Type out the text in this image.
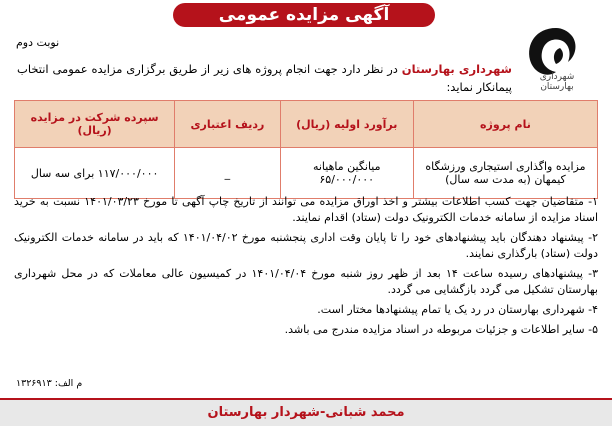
آگهی مزایده عمومی
نوبت دوم
شهرداری بهارستان
شهرداری بهارستان در نظر دارد جهت انجام پروژه های زیر از طریق برگزاری مزایده عمومی انتخاب پیمانکار نماید:
نام پروژه	برآورد اولیه (ریال)	ردیف اعتباری	سپرده شرکت در مزایده (ریال)
مزایده واگذاری استیجاری ورزشگاه کیمهان (به مدت سه سال)	میانگین ماهیانه ۶۵/۰۰۰/۰۰۰	_	۱۱۷/۰۰۰/۰۰۰ برای سه سال
۱- متقاضیان جهت کسب اطلاعات بیشتر و اخذ اوراق مزایده می توانند از تاریخ چاپ آگهی تا مورخ ۱۴۰۱/۰۳/۲۳ نسبت به خرید اسناد مزایده از سامانه خدمات الکترونیک دولت (ستاد) اقدام نمایند.
۲- پیشنهاد دهندگان باید پیشنهادهای خود را تا پایان وقت اداری پنجشنبه مورخ ۱۴۰۱/۰۴/۰۲ که باید در سامانه خدمات الکترونیک دولت (ستاد) بارگذاری نمایند.
۳- پیشنهادهای رسیده ساعت ۱۴ بعد از ظهر روز شنبه مورخ ۱۴۰۱/۰۴/۰۴ در کمیسیون عالی معاملات که در محل شهرداری بهارستان تشکیل می گردد بازگشایی می گردد.
۴- شهرداری بهارستان در رد یک یا تمام پیشنهادها مختار است.
۵- سایر اطلاعات و جزئیات مربوطه در اسناد مزایده مندرج می باشد.
م الف: ۱۳۲۶۹۱۳
محمد شبانی-شهردار بهارستان
